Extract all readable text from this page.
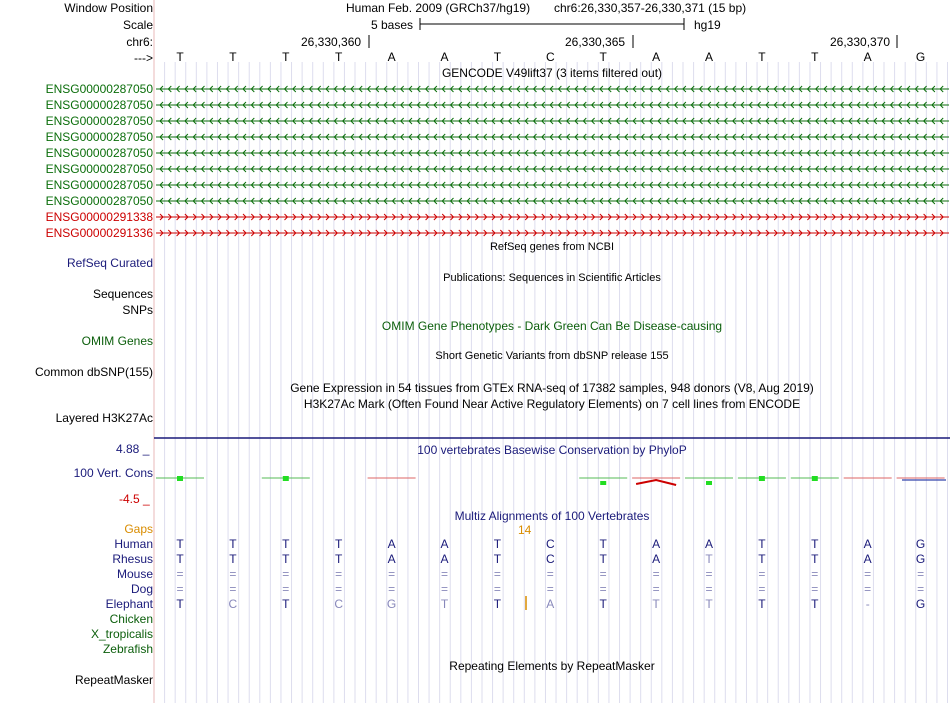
Window Position	Human Feb. 2009 (GRCh37/hg19) chr6:26,330,357-26,330,371 (15 bp)
Scale	5 bases	hg19
chr6:	26,330,360	26,330,365	26,330,370
---> T	T	T	T	A	A	T	C	T	A	A	T	T	A	G
GENCODE V49lift37 (3 items filtered out)
ENSG00000287050
ENSG00000287050
ENSG00000287050
ENSG00000287050
ENSG00000287050
ENSG00000287050
ENSG00000287050
ENSG00000287050
ENSG00000291338
ENSG00000291336
RefSeq genes from NCBI
RefSeq Curated
Publications: Sequences in Scientific Articles
Sequences
SNPs
OMIM Gene Phenotypes - Dark Green Can Be Disease-causing
OMIM Genes
Short Genetic Variants from dbSNP release 155
Common dbSNP(155)
Gene Expression in 54 tissues from GTEx RNA-seq of 17382 samples, 948 donors (V8, Aug 2019)
H3K27Ac Mark (Often Found Near Active Regulatory Elements) on 7 cell lines from ENCODE
Layered H3K27Ac
100 vertebrates Basewise Conservation by PhyloP
4.88 _
100 Vert. Cons
-4.5 _
Multiz Alignments of 100 Vertebrates
Gaps	14
Human T	T	T	T	A	A	T	C	T	A	A	T	T	A	G
Rhesus T	T	T	T	A	A	T	C	T	A	T	T	T	A	G
Mouse =	=	=	=	=	=	=	=	=	=	=	=	=	=	=
Dog =	=	=	=	=	=	=	=	=	=	=	=	=	=	=
Elephant T	C	T	C	G	T	T	A	T	T	T	T	T	-	G
Chicken
X_tropicalis
Zebrafish
Repeating Elements by RepeatMasker
RepeatMasker
